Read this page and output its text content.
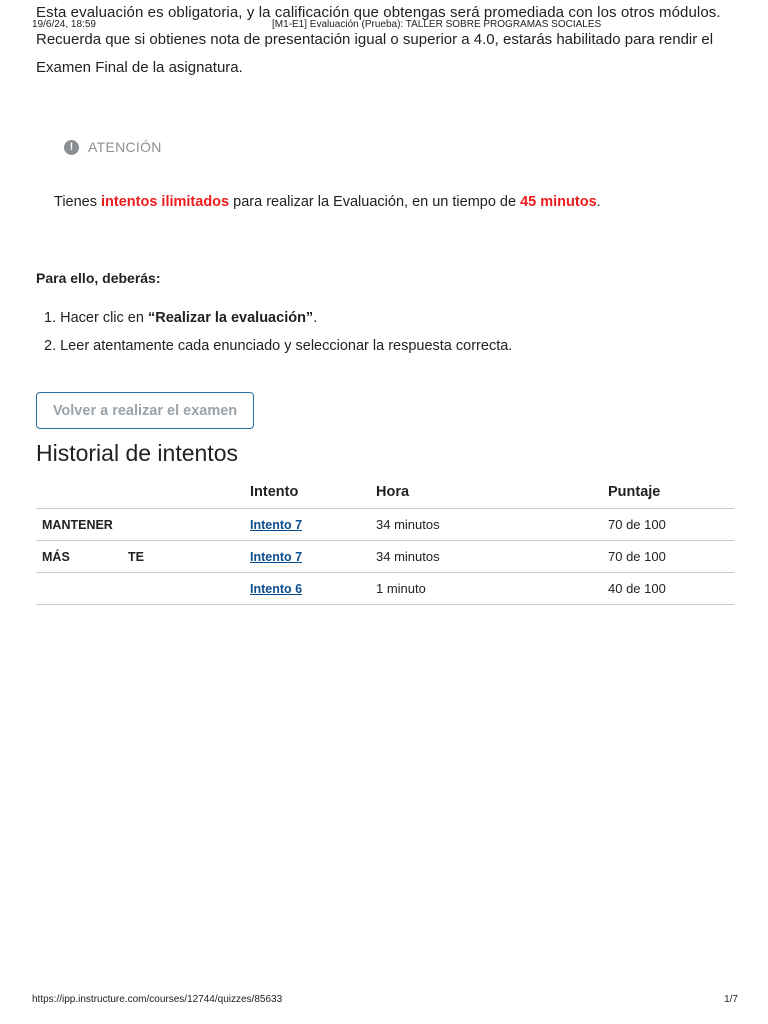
19/6/24, 18:59	[M1-E1] Evaluación (Prueba): TALLER SOBRE PROGRAMAS SOCIALES
Esta evaluación es obligatoria, y la calificación que obtengas será promediada con los otros módulos.
Recuerda que si obtienes nota de presentación igual o superior a 4.0, estarás habilitado para rendir el
Examen Final de la asignatura.
!	ATENCIÓN
Tienes intentos ilimitados para realizar la Evaluación, en un tiempo de 45 minutos.
Para ello, deberás:
1. Hacer clic en “Realizar la evaluación”.
2. Leer atentamente cada enunciado y seleccionar la respuesta correcta.
Volver a realizar el examen
Historial de intentos
	Intento	Hora	Puntaje
MANTENER	Intento 7	34 minutos	70 de 100
MÁS TE	Intento 7	34 minutos	70 de 100

	Intento 6	1 minuto	40 de 100
https://ipp.instructure.com/courses/12744/quizzes/85633	1/7
